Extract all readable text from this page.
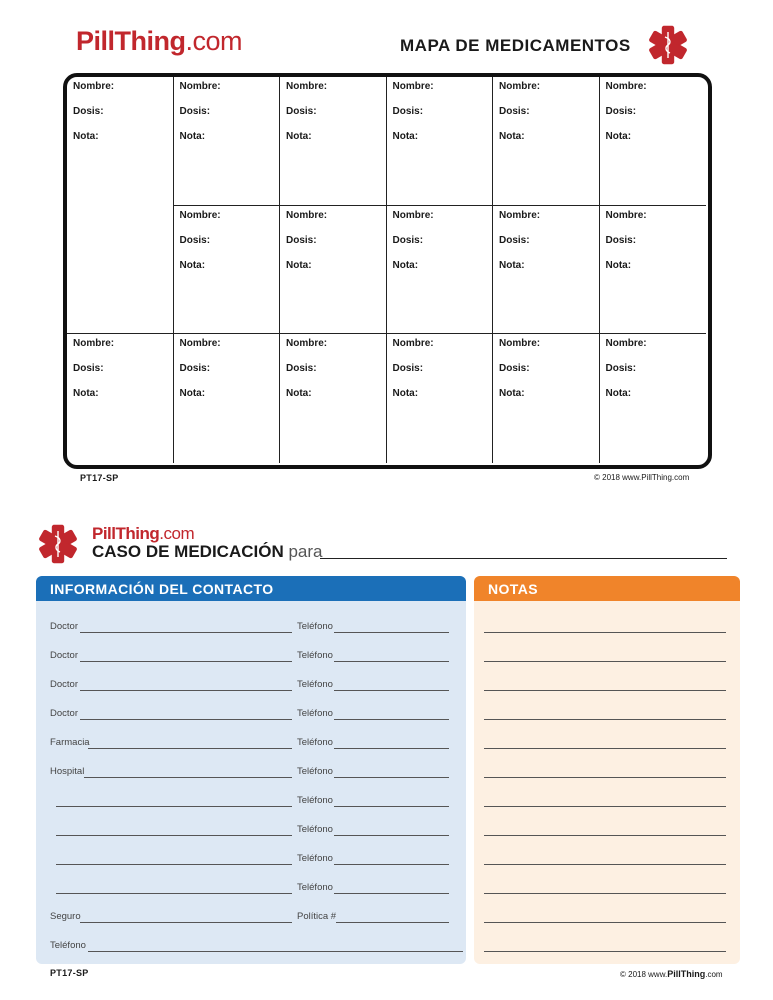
PillThing.com	MAPA DE MEDICAMENTOS
Nombre:
Dosis:
Nota:
Nombre:
Dosis:
Nota:
Nombre:
Dosis:
Nota:
Nombre:
Dosis:
Nota:
Nombre:
Dosis:
Nota:
Nombre:
Dosis:
Nota:
Nombre:
Dosis:
Nota:
Nombre:
Dosis:
Nota:
Nombre:
Dosis:
Nota:
Nombre:
Dosis:
Nota:
Nombre:
Dosis:
Nota:
Nombre:
Dosis:
Nota:
Nombre:
Dosis:
Nota:
Nombre:
Dosis:
Nota:
Nombre:
Dosis:
Nota:
Nombre:
Dosis:
Nota:
Nombre:
Dosis:
Nota:
PT17-SP	© 2018 www.PillThing.com
PillThing.com
CASO DE MEDICACIÓN para
INFORMACIÓN DEL CONTACTO
Doctor	Teléfono
Doctor	Teléfono
Doctor	Teléfono
Doctor	Teléfono
Farmacia	Teléfono
Hospital	Teléfono
Teléfono
Teléfono
Teléfono
Teléfono
Seguro	Política #
Teléfono
NOTAS
PT17-SP	© 2018 www.PillThing.com
